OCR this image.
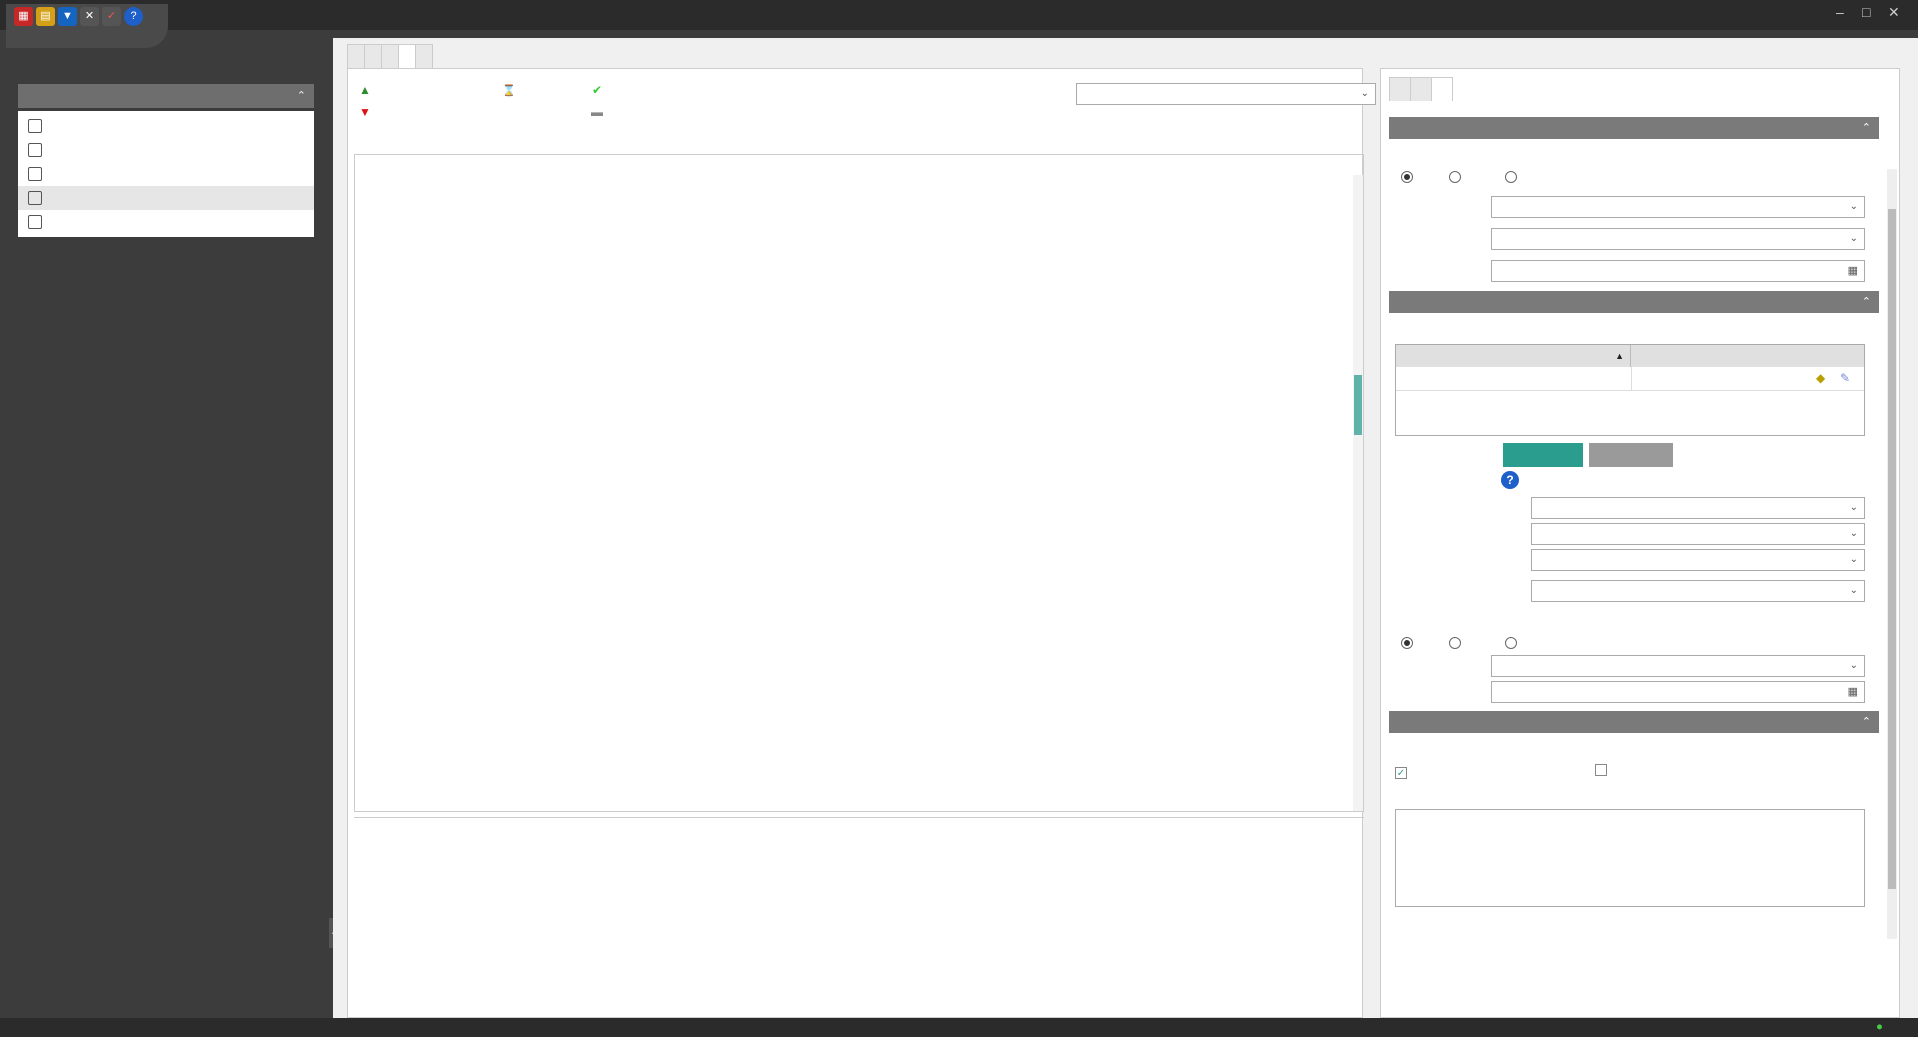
– □ ✕
▦	▤	▼	✕	✓	?
⌃	▲
▼
⌛	✔
▬
⌄

⌃
⌄
⌄
▦
⌃
▲
◆ ✎
?
⌄
⌄
⌄
⌄
⌄
▦
⌃
✓
●
